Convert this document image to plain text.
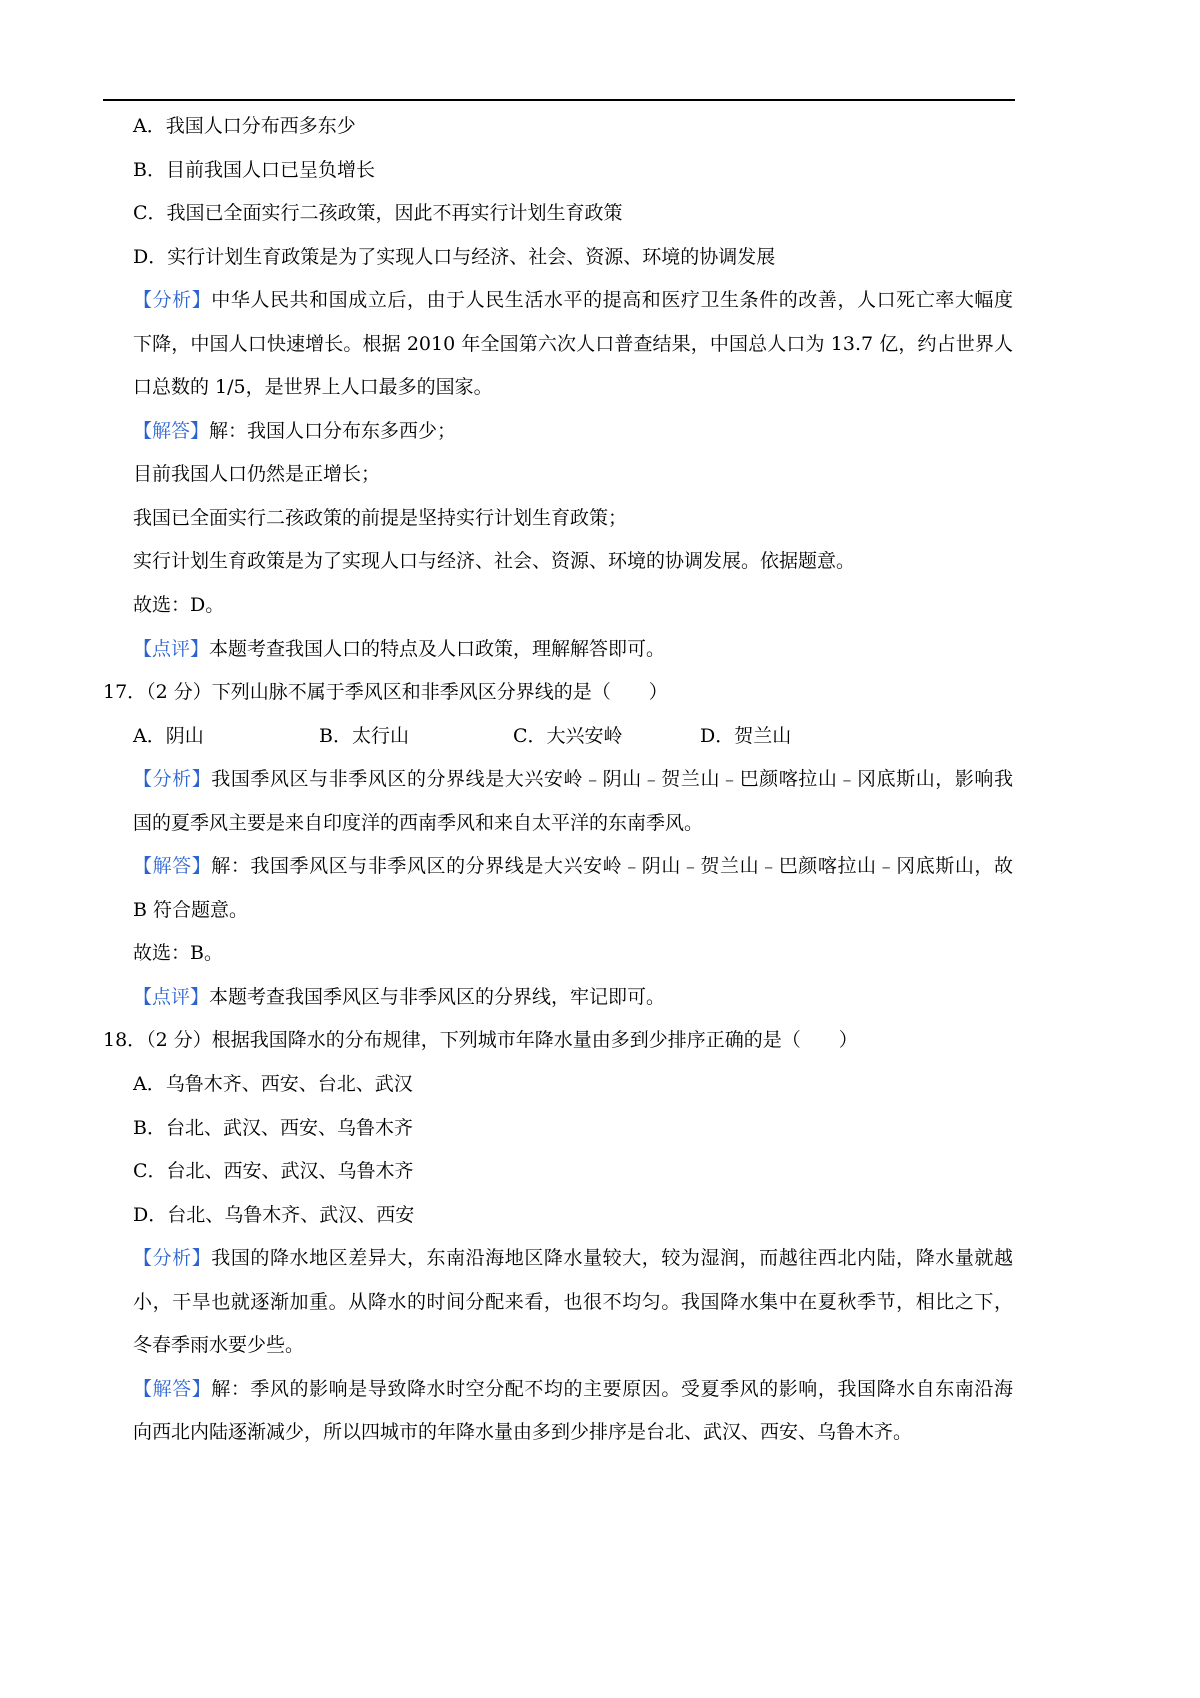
A．我国人口分布西多东少
B．目前我国人口已呈负增长
C．我国已全面实行二孩政策，因此不再实行计划生育政策
D．实行计划生育政策是为了实现人口与经济、社会、资源、环境的协调发展
【分析】中华人民共和国成立后，由于人民生活水平的提高和医疗卫生条件的改善，人口死亡率大幅度
下降，中国人口快速增长。根据 2010 年全国第六次人口普查结果，中国总人口为 13.7 亿，约占世界人
口总数的 1/5，是世界上人口最多的国家。
【解答】解：我国人口分布东多西少；
目前我国人口仍然是正增长；
我国已全面实行二孩政策的前提是坚持实行计划生育政策；
实行计划生育政策是为了实现人口与经济、社会、资源、环境的协调发展。依据题意。
故选：D。
【点评】本题考查我国人口的特点及人口政策，理解解答即可。
17．（2 分）下列山脉不属于季风区和非季风区分界线的是（　　）
A．阴山	B．太行山	C．大兴安岭	D．贺兰山
【分析】我国季风区与非季风区的分界线是大兴安岭﹣阴山﹣贺兰山﹣巴颜喀拉山﹣冈底斯山，影响我
国的夏季风主要是来自印度洋的西南季风和来自太平洋的东南季风。
【解答】解：我国季风区与非季风区的分界线是大兴安岭﹣阴山﹣贺兰山﹣巴颜喀拉山﹣冈底斯山，故
B 符合题意。
故选：B。
【点评】本题考查我国季风区与非季风区的分界线，牢记即可。
18．（2 分）根据我国降水的分布规律，下列城市年降水量由多到少排序正确的是（　　）
A．乌鲁木齐、西安、台北、武汉
B．台北、武汉、西安、乌鲁木齐
C．台北、西安、武汉、乌鲁木齐
D．台北、乌鲁木齐、武汉、西安
【分析】我国的降水地区差异大，东南沿海地区降水量较大，较为湿润，而越往西北内陆，降水量就越
小，干旱也就逐渐加重。从降水的时间分配来看，也很不均匀。我国降水集中在夏秋季节，相比之下，
冬春季雨水要少些。
【解答】解：季风的影响是导致降水时空分配不均的主要原因。受夏季风的影响，我国降水自东南沿海
向西北内陆逐渐减少，所以四城市的年降水量由多到少排序是台北、武汉、西安、乌鲁木齐。
